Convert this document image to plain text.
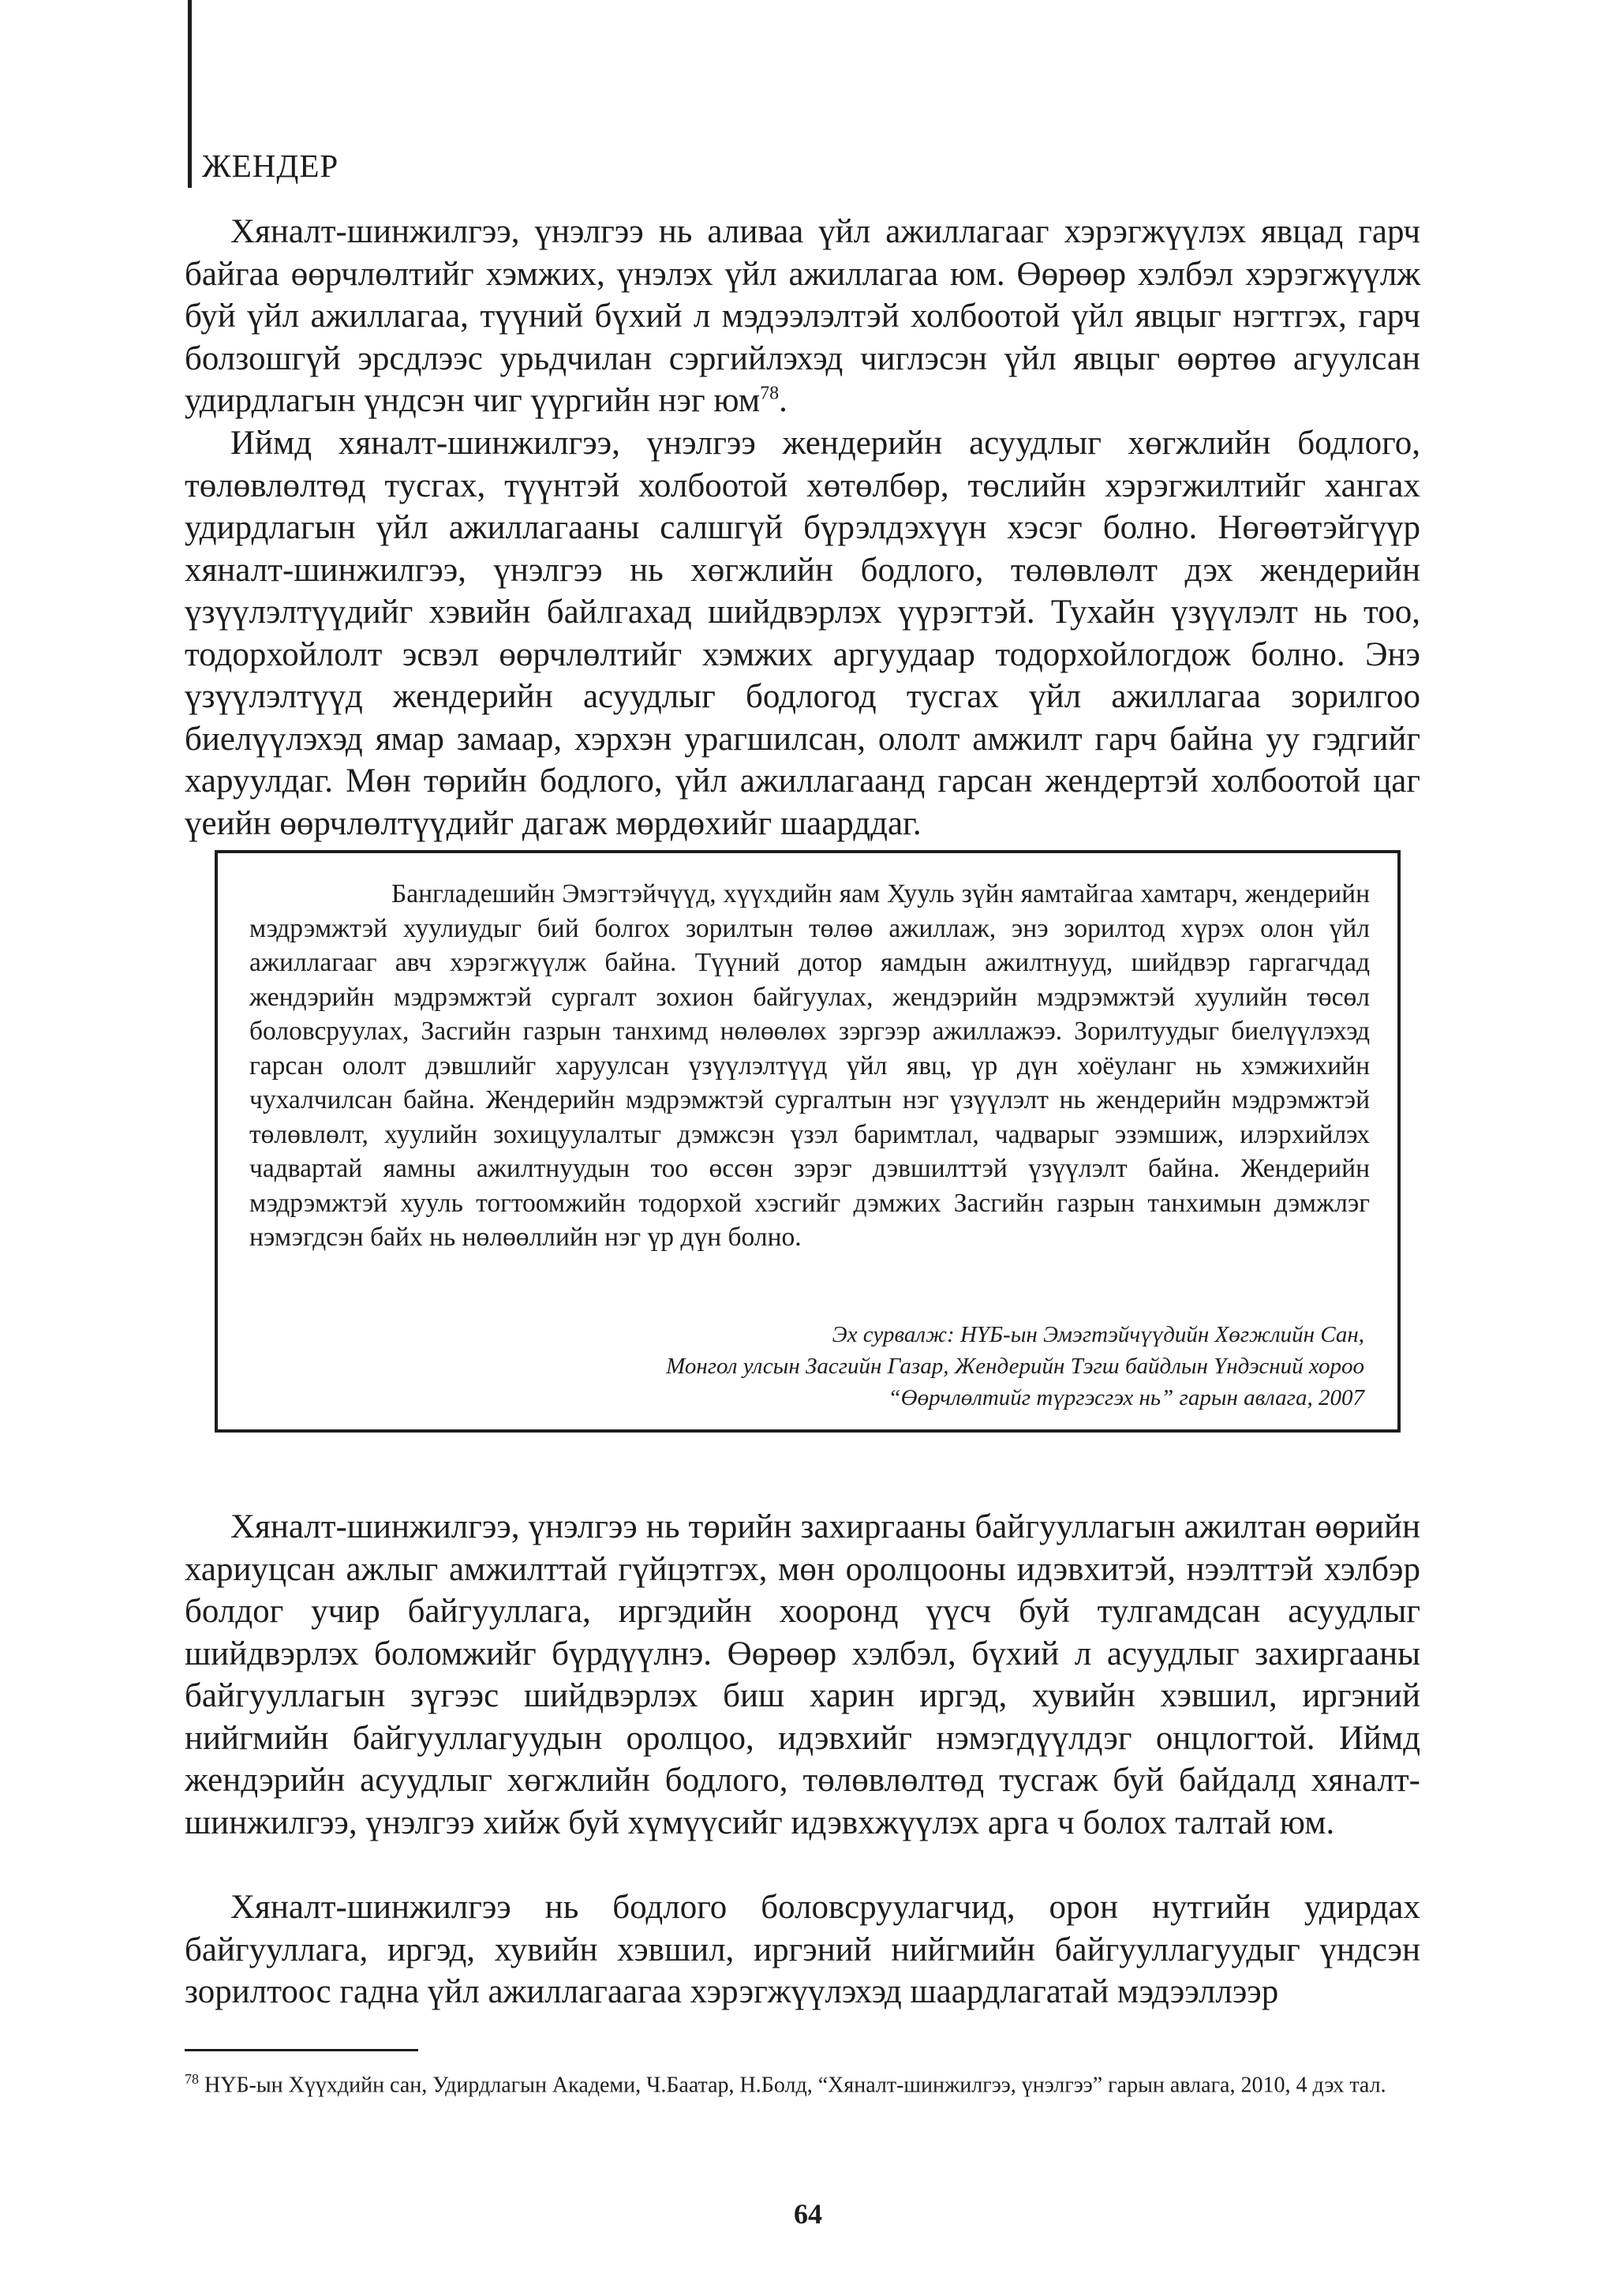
ЖЕНДЕР

Хяналт-шинжилгээ, үнэлгээ нь аливаа үйл ажиллагааг хэрэгжүүлэх явцад гарч байгаа өөрчлөлтийг хэмжих, үнэлэх үйл ажиллагаа юм. Өөрөөр хэлбэл хэрэгжүүлж буй үйл ажиллагаа, түүний бүхий л мэдээлэлтэй холбоотой үйл явцыг нэгтгэх, гарч болзошгүй эрсдлээс урьдчилан сэргийлэхэд чиглэсэн үйл явцыг өөртөө агуулсан удирдлагын үндсэн чиг үүргийн нэг $юм^{78}$.

Иймд хяналт-шинжилгээ, үнэлгээ жендерийн асуудлыг хөгжлийн бодлого, төлөвлөлтөд тусгах, түүнтэй холбоотой хөтөлбөр, төслийн хэрэгжилтийг хангах удирдлагын үйл ажиллагааны салшгүй бүрэлдэхүүн хэсэг болно. Нөгөөтэйгүүр хяналт-шинжилгээ, үнэлгээ нь хөгжлийн бодлого, төлөвлөлт дэх жендерийн үзүүлэлтүүдийг хэвийн байлгахад шийдвэрлэх үүрэгтэй. Тухайн үзүүлэлт нь тоо, тодорхойлолт эсвэл өөрчлөлтийг хэмжих аргуудаар тодорхойлогдож болно. Энэ үзүүлэлтүүд жендерийн асуудлыг бодлогод тусгах үйл ажиллагаа зорилгоо биелүүлэхэд ямар замаар, хэрхэн урагшилсан, ололт амжилт гарч байна уу гэдгийг харуулдаг. Мөн төрийн бодлого, үйл ажиллагаанд гарсан жендертэй холбоотой цаг үеийн өөрчлөлтүүдийг дагаж мөрдөхийг шаарддаг.

Бангладешийн Эмэгтэйчүүд, хүүхдийн яам Хууль зүйн яамтайгаа хамтарч, жендерийн мэдрэмжтэй хуулиудыг бий болгох зорилтын төлөө ажиллаж, энэ зорилтод хүрэх олон үйл ажиллагааг авч хэрэгжүүлж байна. Түүний дотор яамдын ажилтнууд, шийдвэр гаргагчдад жендэрийн мэдрэмжтэй сургалт зохион байгуулах, жендэрийн мэдрэмжтэй хуулийн төсөл боловсруулах, Засгийн газрын танхимд нөлөөлөх зэргээр ажиллажээ. Зорилтуудыг биелүүлэхэд гарсан ололт дэвшлийг харуулсан үзүүлэлтүүд үйл явц, үр дүн хоёуланг нь хэмжихийн чухалчилсан байна. Жендерийн мэдрэмжтэй сургалтын нэг үзүүлэлт нь жендерийн мэдрэмжтэй төлөвлөлт, хуулийн зохицуулалтыг дэмжсэн үзэл баримтлал, чадварыг эзэмшиж, илэрхийлэх чадвартай яамны ажилтнуудын тоо өссөн зэрэг дэвшилттэй үзүүлэлт байна. Жендерийн мэдрэмжтэй хууль тогтоомжийн тодорхой хэсгийг дэмжих Засгийн газрын танхимын дэмжлэг нэмэгдсэн байх нь нөлөөллийн нэг үр дүн болно.

Эх сурвалж: НҮБ-ын Эмэгтэйчүүдийн Хөгжлийн Сан,
Монгол улсын Засгийн Газар, Жендерийн Тэгш байдлын Үндэсний хороо
“Өөрчлөлтийг түргэсгэх нь” гарын авлага, 2007

Хяналт-шинжилгээ, үнэлгээ нь төрийн захиргааны байгууллагын ажилтан өөрийн хариуцсан ажлыг амжилттай гүйцэтгэх, мөн оролцооны идэвхитэй, нээлттэй хэлбэр болдог учир байгууллага, иргэдийн хооронд үүсч буй тулгамдсан асуудлыг шийдвэрлэх боломжийг бүрдүүлнэ. Өөрөөр хэлбэл, бүхий л асуудлыг захиргааны байгууллагын зүгээс шийдвэрлэх биш харин иргэд, хувийн хэвшил, иргэний нийгмийн байгууллагуудын оролцоо, идэвхийг нэмэгдүүлдэг онцлогтой. Иймд жендэрийн асуудлыг хөгжлийн бодлого, төлөвлөлтөд тусгаж буй байдалд хяналт-шинжилгээ, үнэлгээ хийж буй хүмүүсийг идэвхжүүлэх арга ч болох талтай юм.

Хяналт-шинжилгээ нь бодлого боловсруулагчид, орон нутгийн удирдах байгууллага, иргэд, хувийн хэвшил, иргэний нийгмийн байгууллагуудыг үндсэн зорилтоос гадна үйл ажиллагаагаа хэрэгжүүлэхэд шаардлагатай мэдээллээр

$^{78}$ НҮБ-ын Хүүхдийн сан, Удирдлагын Академи, Ч.Баатар, Н.Болд, “Хяналт-шинжилгээ, үнэлгээ” гарын авлага, 2010, 4 дэх тал.

64
